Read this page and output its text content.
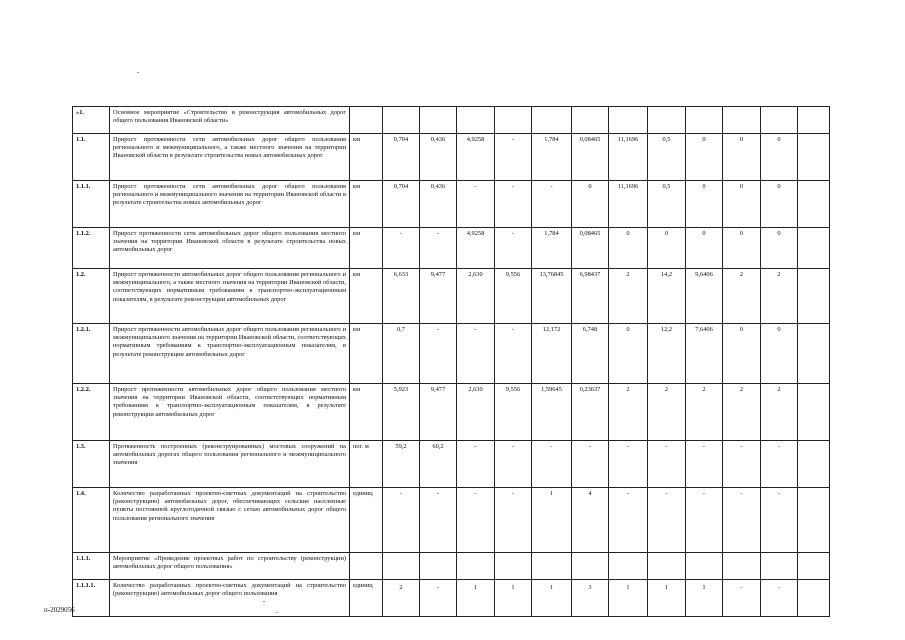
»1.	Основное мероприятие «Строительство и реконструкция автомобильных дорог общего пользования Ивановской области»													
1.1.	Прирост протяженности сети автомобильных дорог общего пользования регионального и межмуниципального, а также местного значения на территории Ивановской области в результате строительства новых автомобильных дорог	км	0,704	0,436	4,9258	-	1,784	0,08465	11,1696	0,5	0	0	0	
1.1.1.	Прирост протяженности сети автомобильных дорог общего пользования регионального и межмуниципального значения на территории Ивановской области в результате строительства новых автомобильных дорог	км	0,704	0,436	-	-	-	0	11,1696	0,5	0	0	0	
1.1.2.	Прирост протяженности сети автомобильных дорог общего пользования местного значения на территории Ивановской области в результате строительства новых автомобильных дорог	км	-	-	4,9258	-	1,784	0,08465	0	0	0	0	0	
1.2.	Прирост протяженности автомобильных дорог общего пользования регионального и межмуниципального, а также местного значения на территории Ивановской области, соответствующих нормативным требованиям к транспортно-эксплуатационным показателям, в результате реконструкции автомобильных дорог	км	6,633	9,477	2,630	9,556	13,76845	6,98437	2	14,2	9,6406	2	2	
1.2.1.	Прирост протяженности автомобильных дорог общего пользования регионального и межмуниципального значения на территории Ивановской области, соответствующих нормативным требованиям к транспортно-эксплуатационным показателям, в результате реконструкции автомобильных дорог	км	0,7	-	-	-	12,172	6,748	0	12,2	7,6406	0	0	
1.2.2.	Прирост протяженности автомобильных дорог общего пользования местного значения на территории Ивановской области, соответствующих нормативным требованиям к транспортно-эксплуатационным показателям, в результате реконструкции автомобильных дорог	км	5,923	9,477	2,630	9,556	1,59645	0,23637	2	2	2	2	2	
1.3.	Протяженность построенных (реконструированных) мостовых сооружений на автомобильных дорогах общего пользования регионального и межмуниципального значения	пог. м	59,2	60,2	-	-	-	-	-	-	-	-	-	
1.4.	Количество разработанных проектно-сметных документаций на строительство (реконструкцию) автомобильных дорог, обеспечивающих сельские населенные пункты постоянной круглогодичной связью с сетью автомобильных дорог общего пользования регионального значения	единиц	-	-	-	-	1	4	-	-	-	-	-	
1.1.1.	Мероприятие «Проведение проектных работ по строительству (реконструкции) автомобильных дорог общего пользования»													
1.1.1.1.	Количество разработанных проектно-сметных документаций на строительство (реконструкцию) автомобильных дорог общего пользования	единиц	2	-	1	1	1	3	1	1	1	-	-	
п-2029056
